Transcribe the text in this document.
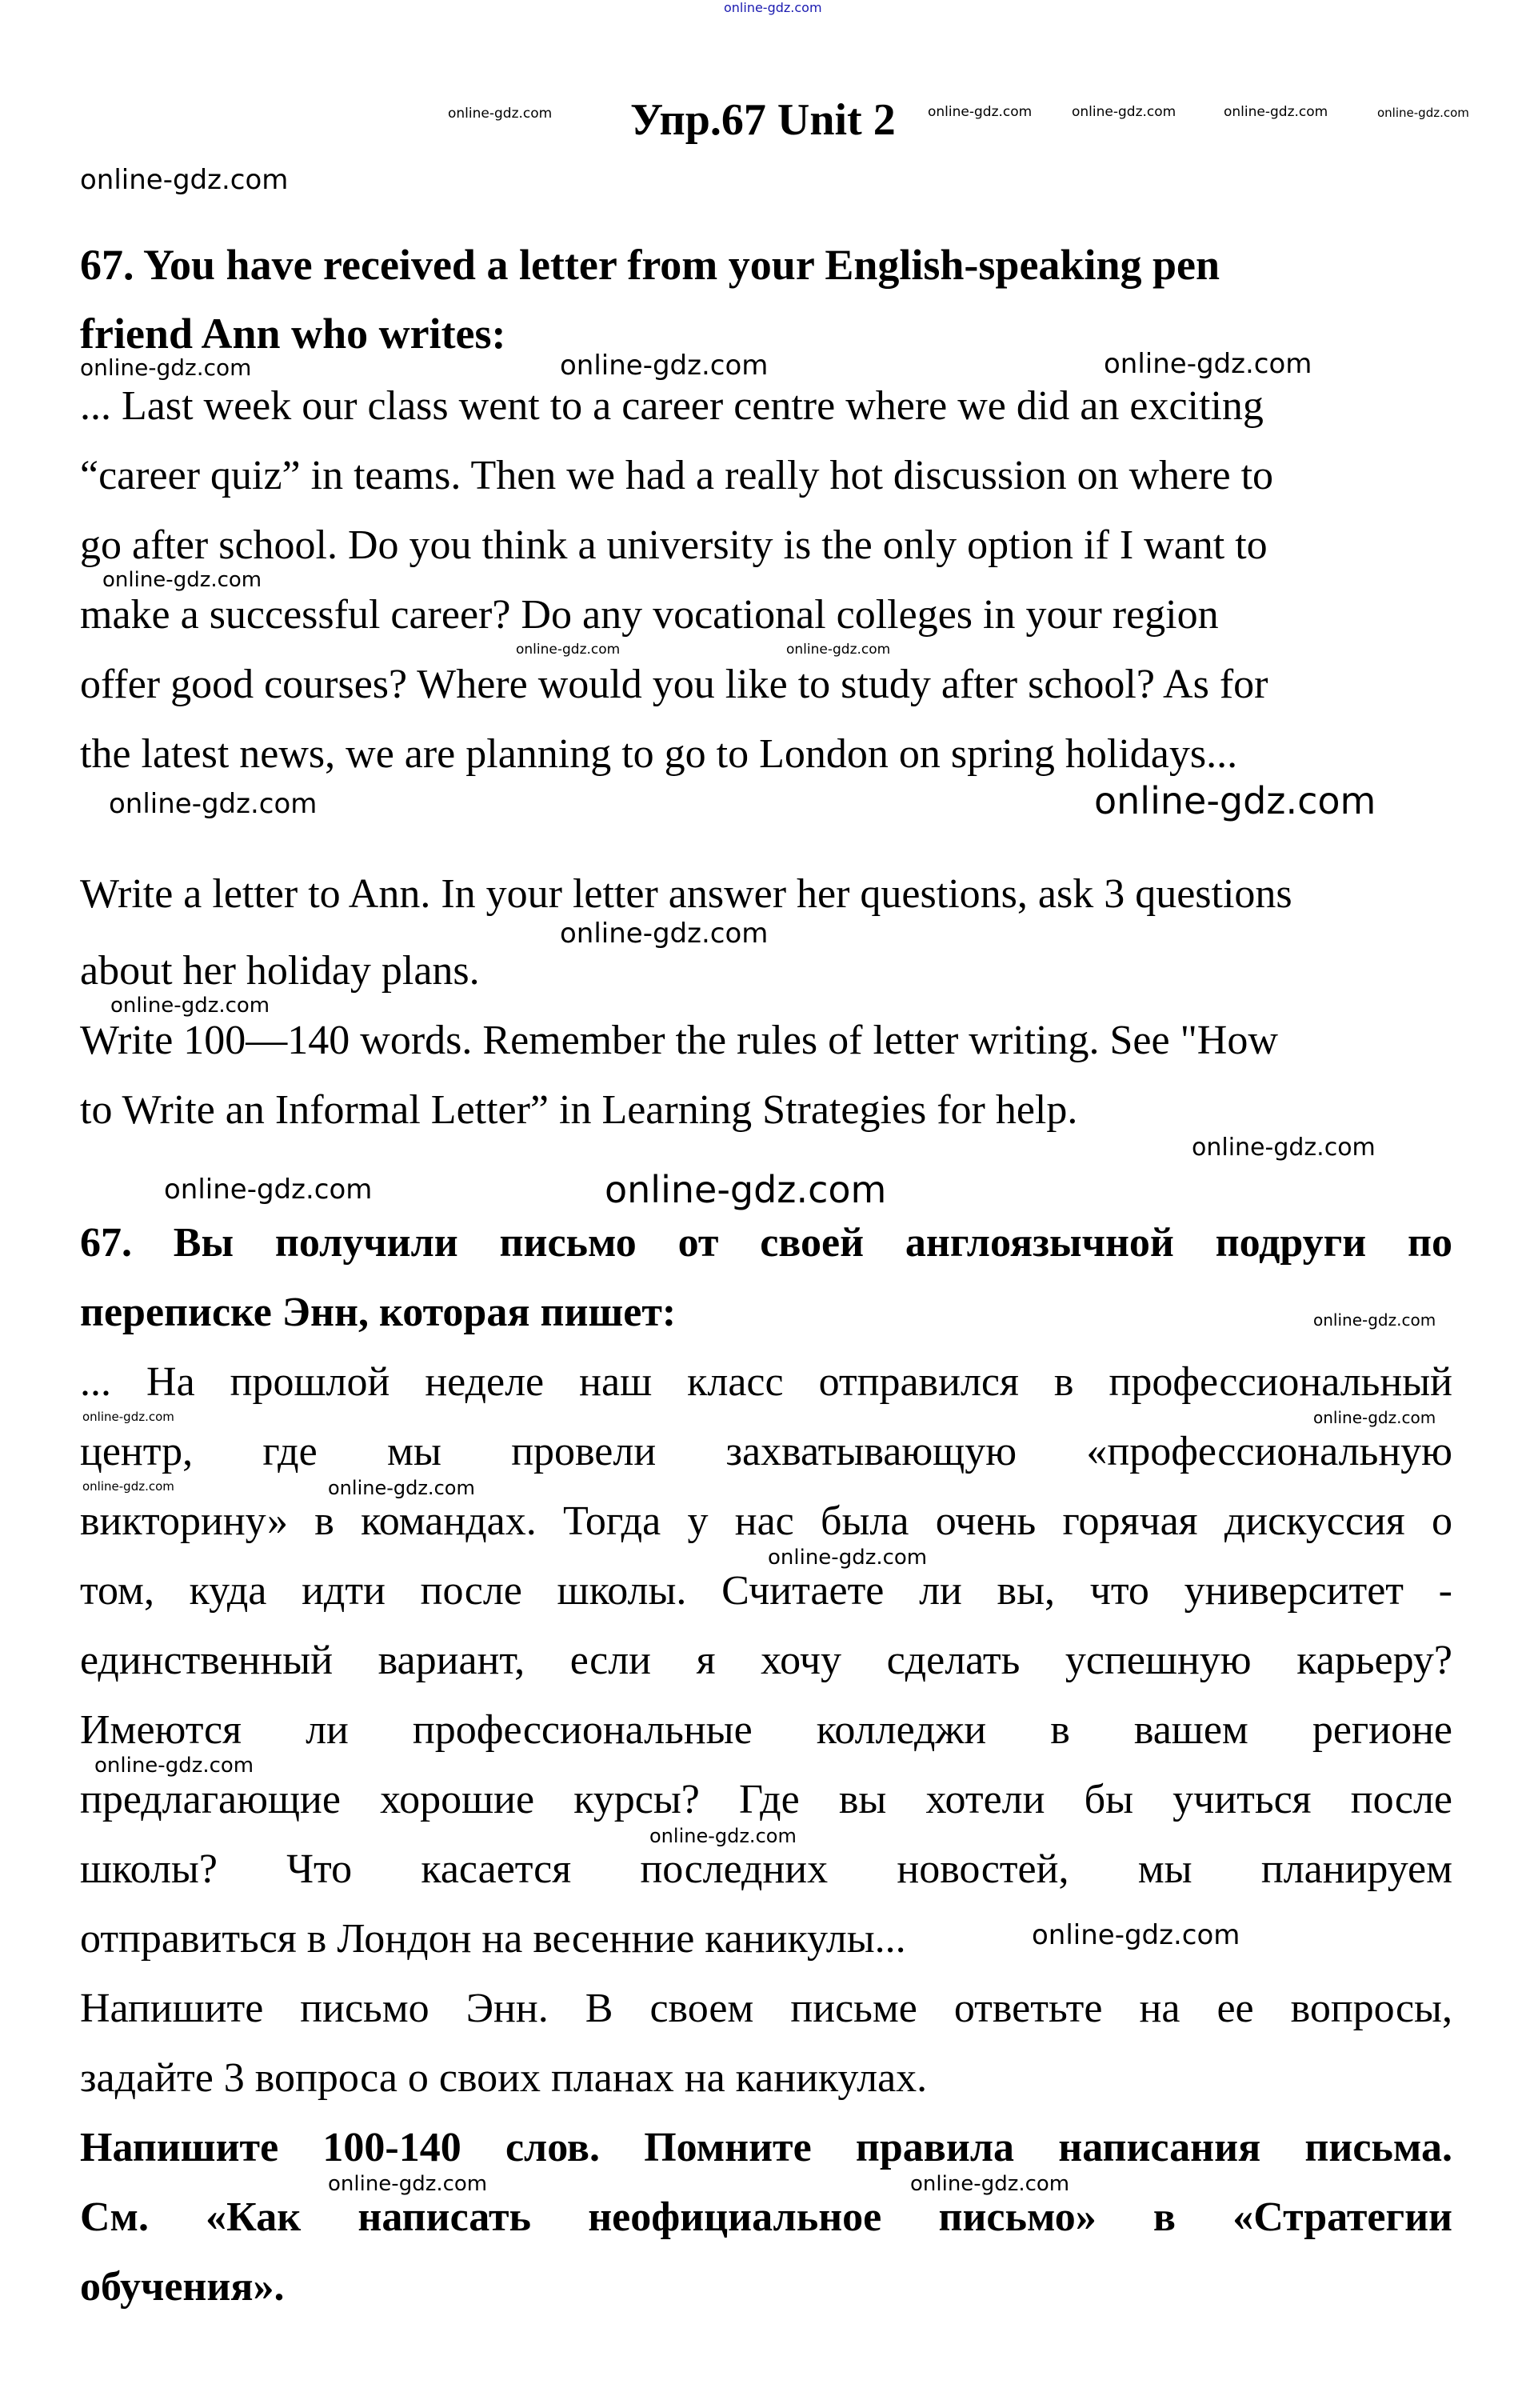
online-gdz.com
online-gdz.com	online-gdz.com	online-gdz.com	online-gdz.com	online-gdz.com
Упр.67 Unit 2
online-gdz.com
67. You have received a letter from your English-speaking pen
friend Ann who writes:
online-gdz.com	online-gdz.com	online-gdz.com
... Last week our class went to a career centre where we did an exciting
“career quiz” in teams. Then we had a really hot discussion on where to
go after school. Do you think a university is the only option if I want to
online-gdz.com
make a successful career? Do any vocational colleges in your region
online-gdz.com	online-gdz.com
offer good courses? Where would you like to study after school? As for
the latest news, we are planning to go to London on spring holidays...
online-gdz.com	online-gdz.com
Write a letter to Ann. In your letter answer her questions, ask 3 questions
online-gdz.com
about her holiday plans.
online-gdz.com
Write 100—140 words. Remember the rules of letter writing. See "How
to Write an Informal Letter” in Learning Strategies for help.
online-gdz.com
online-gdz.com	online-gdz.com
67. Вы получили письмо от своей англоязычной подруги по
переписке Энн, которая пишет:	online-gdz.com
... На прошлой неделе наш класс отправился в профессиональный
online-gdz.com	online-gdz.com
центр, где мы провели захватывающую «профессиональную
online-gdz.com	online-gdz.com
викторину» в командах. Тогда у нас была очень горячая дискуссия о
online-gdz.com
том, куда идти после школы. Считаете ли вы, что университет -
единственный вариант, если я хочу сделать успешную карьеру?
Имеются ли профессиональные колледжи в вашем регионе
online-gdz.com
предлагающие хорошие курсы? Где вы хотели бы учиться после
online-gdz.com
школы? Что касается последних новостей, мы планируем
отправиться в Лондон на весенние каникулы...	online-gdz.com
Напишите письмо Энн. В своем письме ответьте на ее вопросы,
задайте 3 вопроса о своих планах на каникулах.
Напишите 100-140 слов. Помните правила написания письма.
online-gdz.com	online-gdz.com
См. «Как написать неофициальное письмо» в «Стратегии
обучения».
